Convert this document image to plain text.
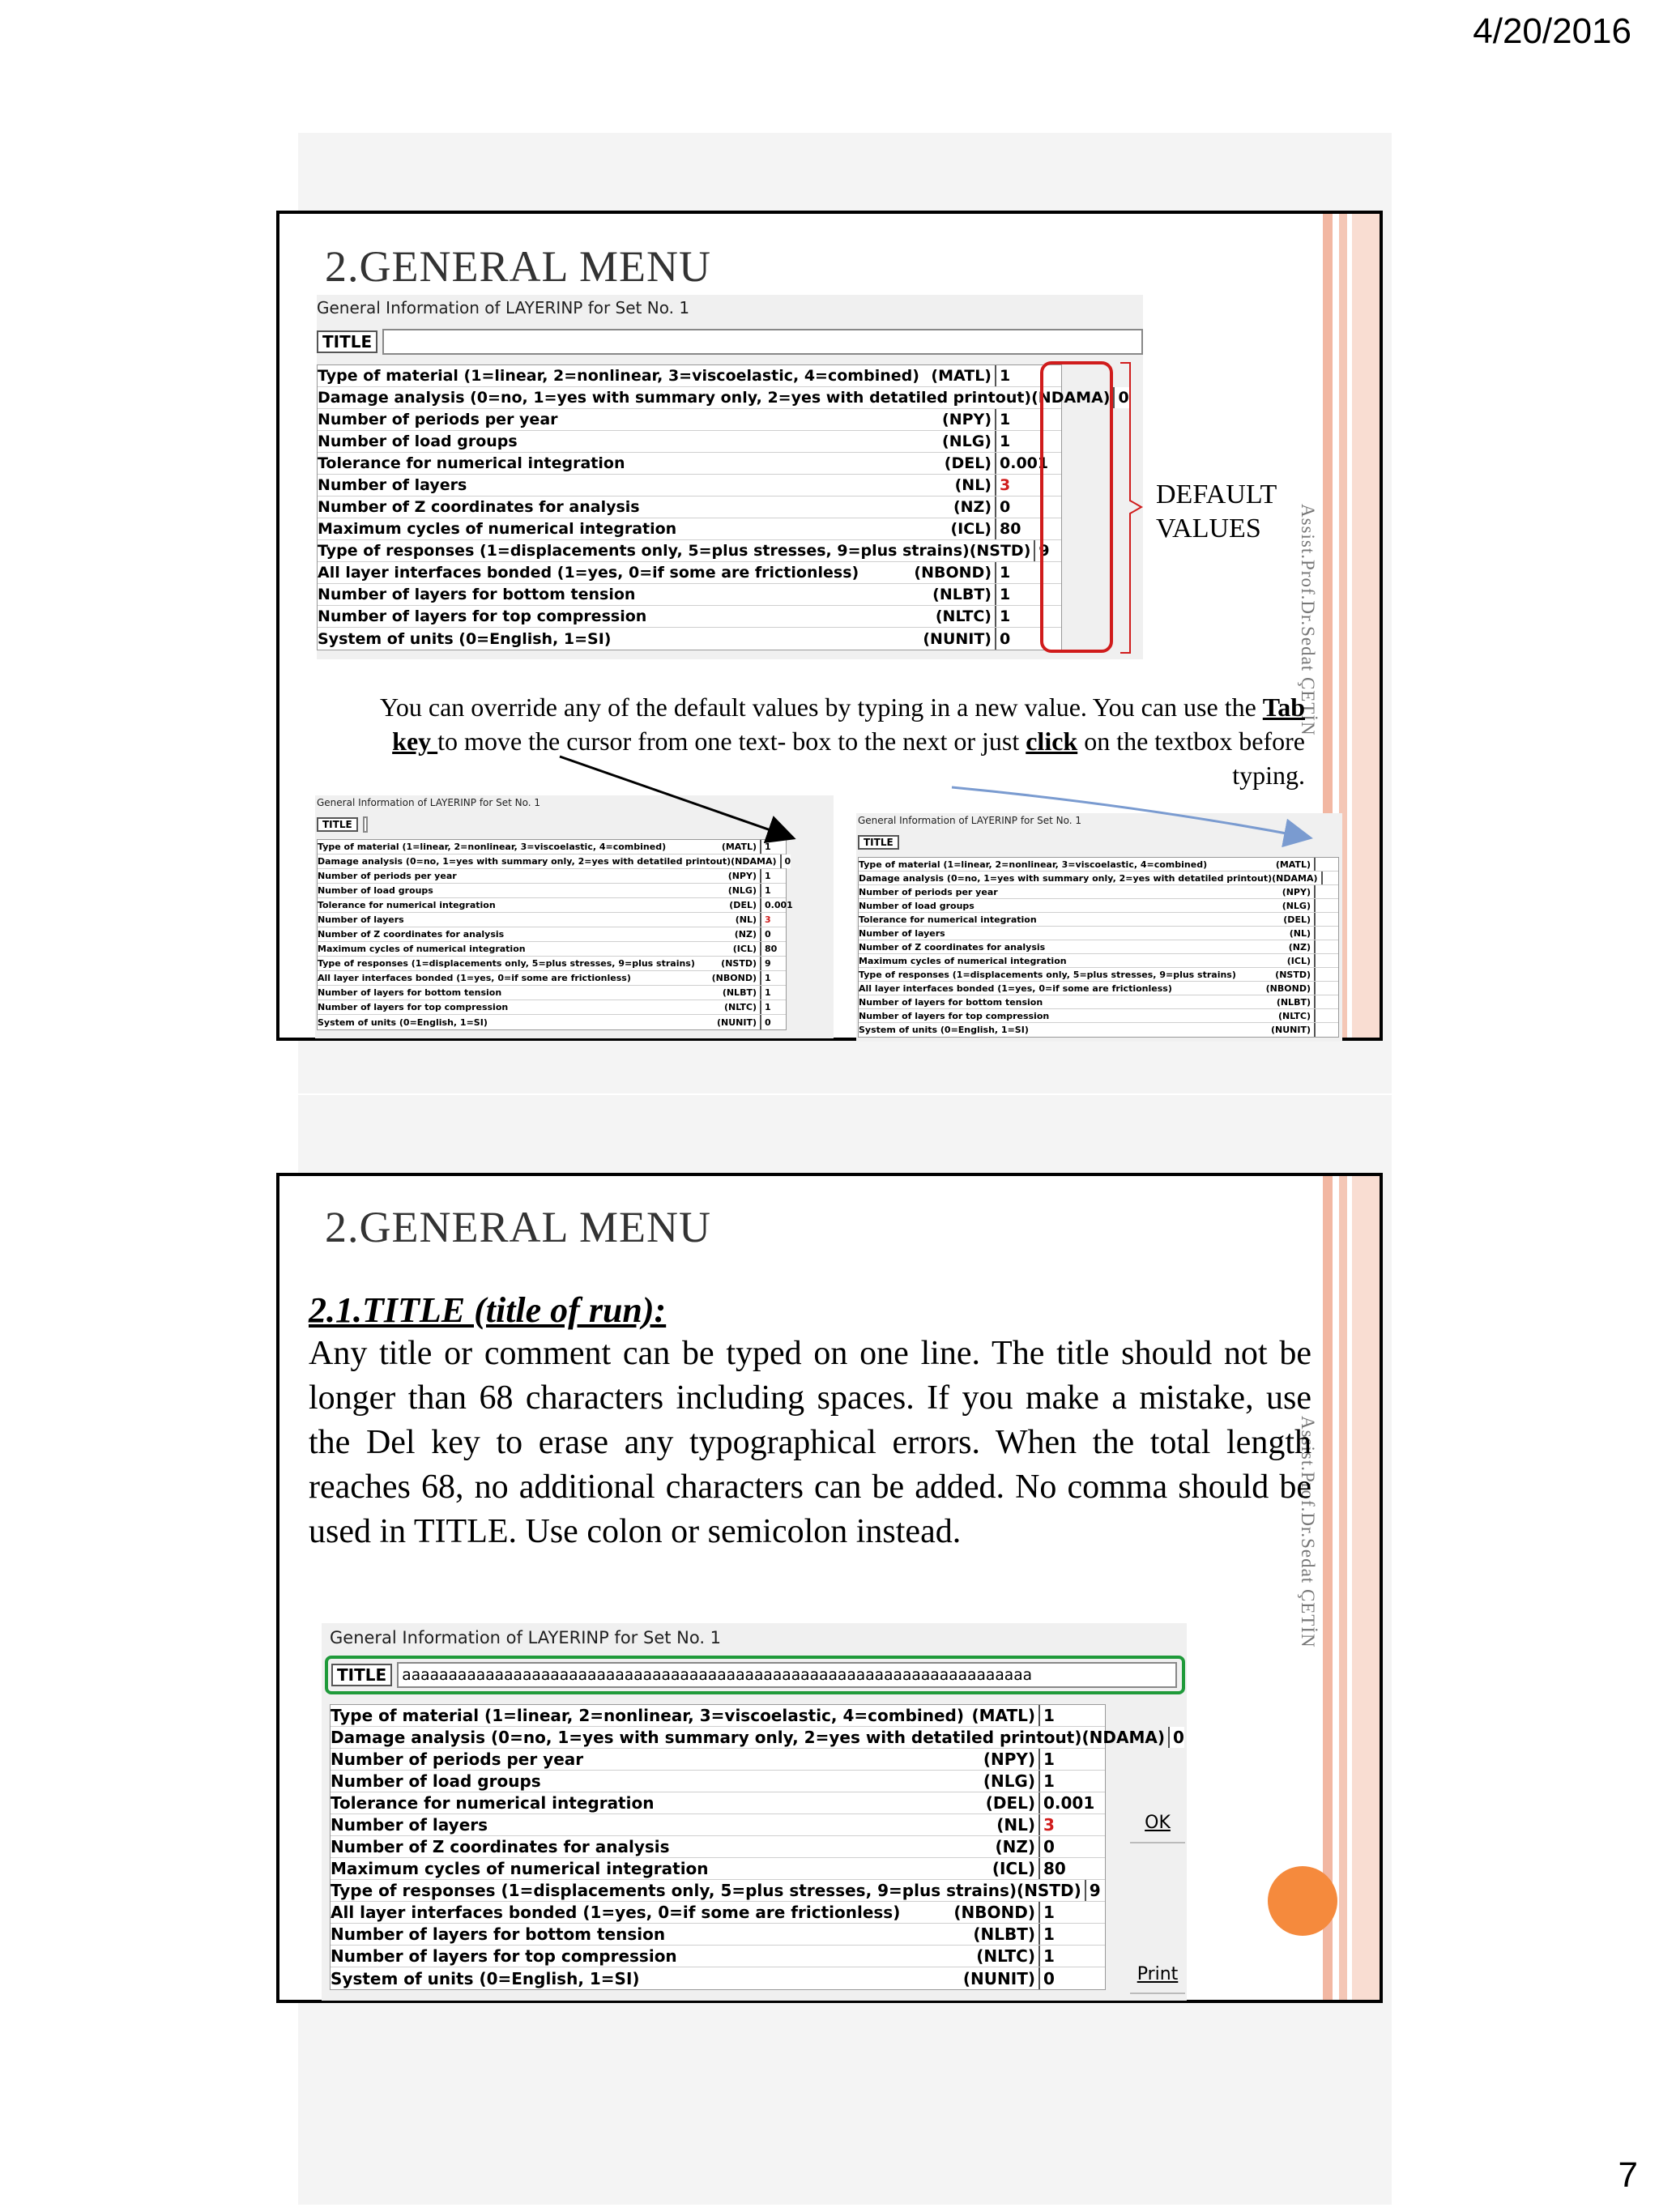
4/20/2016
Assist.Prof.Dr.Sedat ÇETİN
2.GENERAL MENU
General Information of LAYERINP for Set No. 1
TITLE
Type of material (1=linear, 2=nonlinear, 3=viscoelastic, 4=combined) (MATL) 1
Damage analysis (0=no, 1=yes with summary only, 2=yes with detatiled printout) (NDAMA) 0
Number of periods per year	(NPY) 1
Number of load groups	(NLG) 1
Tolerance for numerical integration	(DEL) 0.001
Number of layers	(NL) 3
Number of Z coordinates for analysis	(NZ) 0
Maximum cycles of numerical integration	(ICL) 80
Type of responses (1=displacements only, 5=plus stresses, 9=plus strains) (NSTD) 9
All layer interfaces bonded (1=yes, 0=if some are frictionless)	(NBOND) 1
Number of layers for bottom tension	(NLBT) 1
Number of layers for top compression	(NLTC) 1
System of units (0=English, 1=SI)	(NUNIT) 0
DEFAULT
VALUES
You can override any of the default values by typing in a new value. You can use the Tab key to move the cursor from one text- box to the next or just click on the textbox before typing.
General Information of LAYERINP for Set No. 1
TITLE
Type of material (1=linear, 2=nonlinear, 3=viscoelastic, 4=combined)	(MATL) 1
Damage analysis (0=no, 1=yes with summary only, 2=yes with detatiled printout) (NDAMA) 0
Number of periods per year	(NPY) 1
Number of load groups	(NLG) 1
Tolerance for numerical integration	(DEL) 0.001
Number of layers	(NL) 3
Number of Z coordinates for analysis	(NZ) 0
Maximum cycles of numerical integration	(ICL) 80
Type of responses (1=displacements only, 5=plus stresses, 9=plus strains)	(NSTD) 9
All layer interfaces bonded (1=yes, 0=if some are frictionless)	(NBOND) 1
Number of layers for bottom tension	(NLBT) 1
Number of layers for top compression	(NLTC) 1
System of units (0=English, 1=SI)	(NUNIT) 0
General Information of LAYERINP for Set No. 1
TITLE
Type of material (1=linear, 2=nonlinear, 3=viscoelastic, 4=combined)	(MATL)
Damage analysis (0=no, 1=yes with summary only, 2=yes with detatiled printout) (NDAMA)
Number of periods per year	(NPY)
Number of load groups	(NLG)
Tolerance for numerical integration	(DEL)
Number of layers	(NL)
Number of Z coordinates for analysis	(NZ)
Maximum cycles of numerical integration	(ICL)
Type of responses (1=displacements only, 5=plus stresses, 9=plus strains)	(NSTD)
All layer interfaces bonded (1=yes, 0=if some are frictionless)	(NBOND)
Number of layers for bottom tension	(NLBT)
Number of layers for top compression	(NLTC)
System of units (0=English, 1=SI)	(NUNIT)
Assist.Prof.Dr.Sedat ÇETİN
2.GENERAL MENU
2.1.TITLE (title of run):
Any title or comment can be typed on one line. The title should not be longer than 68 characters including spaces. If you make a mistake, use the Del key to erase any typographical errors. When the total length reaches 68, no additional characters can be added. No comma should be used in TITLE. Use colon or semicolon instead.
General Information of LAYERINP for Set No. 1
TITLE	aaaaaaaaaaaaaaaaaaaaaaaaaaaaaaaaaaaaaaaaaaaaaaaaaaaaaaaaaaaaaaaaaaaa
Type of material (1=linear, 2=nonlinear, 3=viscoelastic, 4=combined) (MATL) 1
Damage analysis (0=no, 1=yes with summary only, 2=yes with detatiled printout) (NDAMA) 0
Number of periods per year	(NPY) 1
Number of load groups	(NLG) 1
Tolerance for numerical integration	(DEL) 0.001
Number of layers	(NL) 3
Number of Z coordinates for analysis	(NZ) 0
Maximum cycles of numerical integration	(ICL) 80
Type of responses (1=displacements only, 5=plus stresses, 9=plus strains) (NSTD) 9
All layer interfaces bonded (1=yes, 0=if some are frictionless)	(NBOND) 1
Number of layers for bottom tension	(NLBT) 1
Number of layers for top compression	(NLTC) 1
System of units (0=English, 1=SI)	(NUNIT) 0
OK
Print
7
